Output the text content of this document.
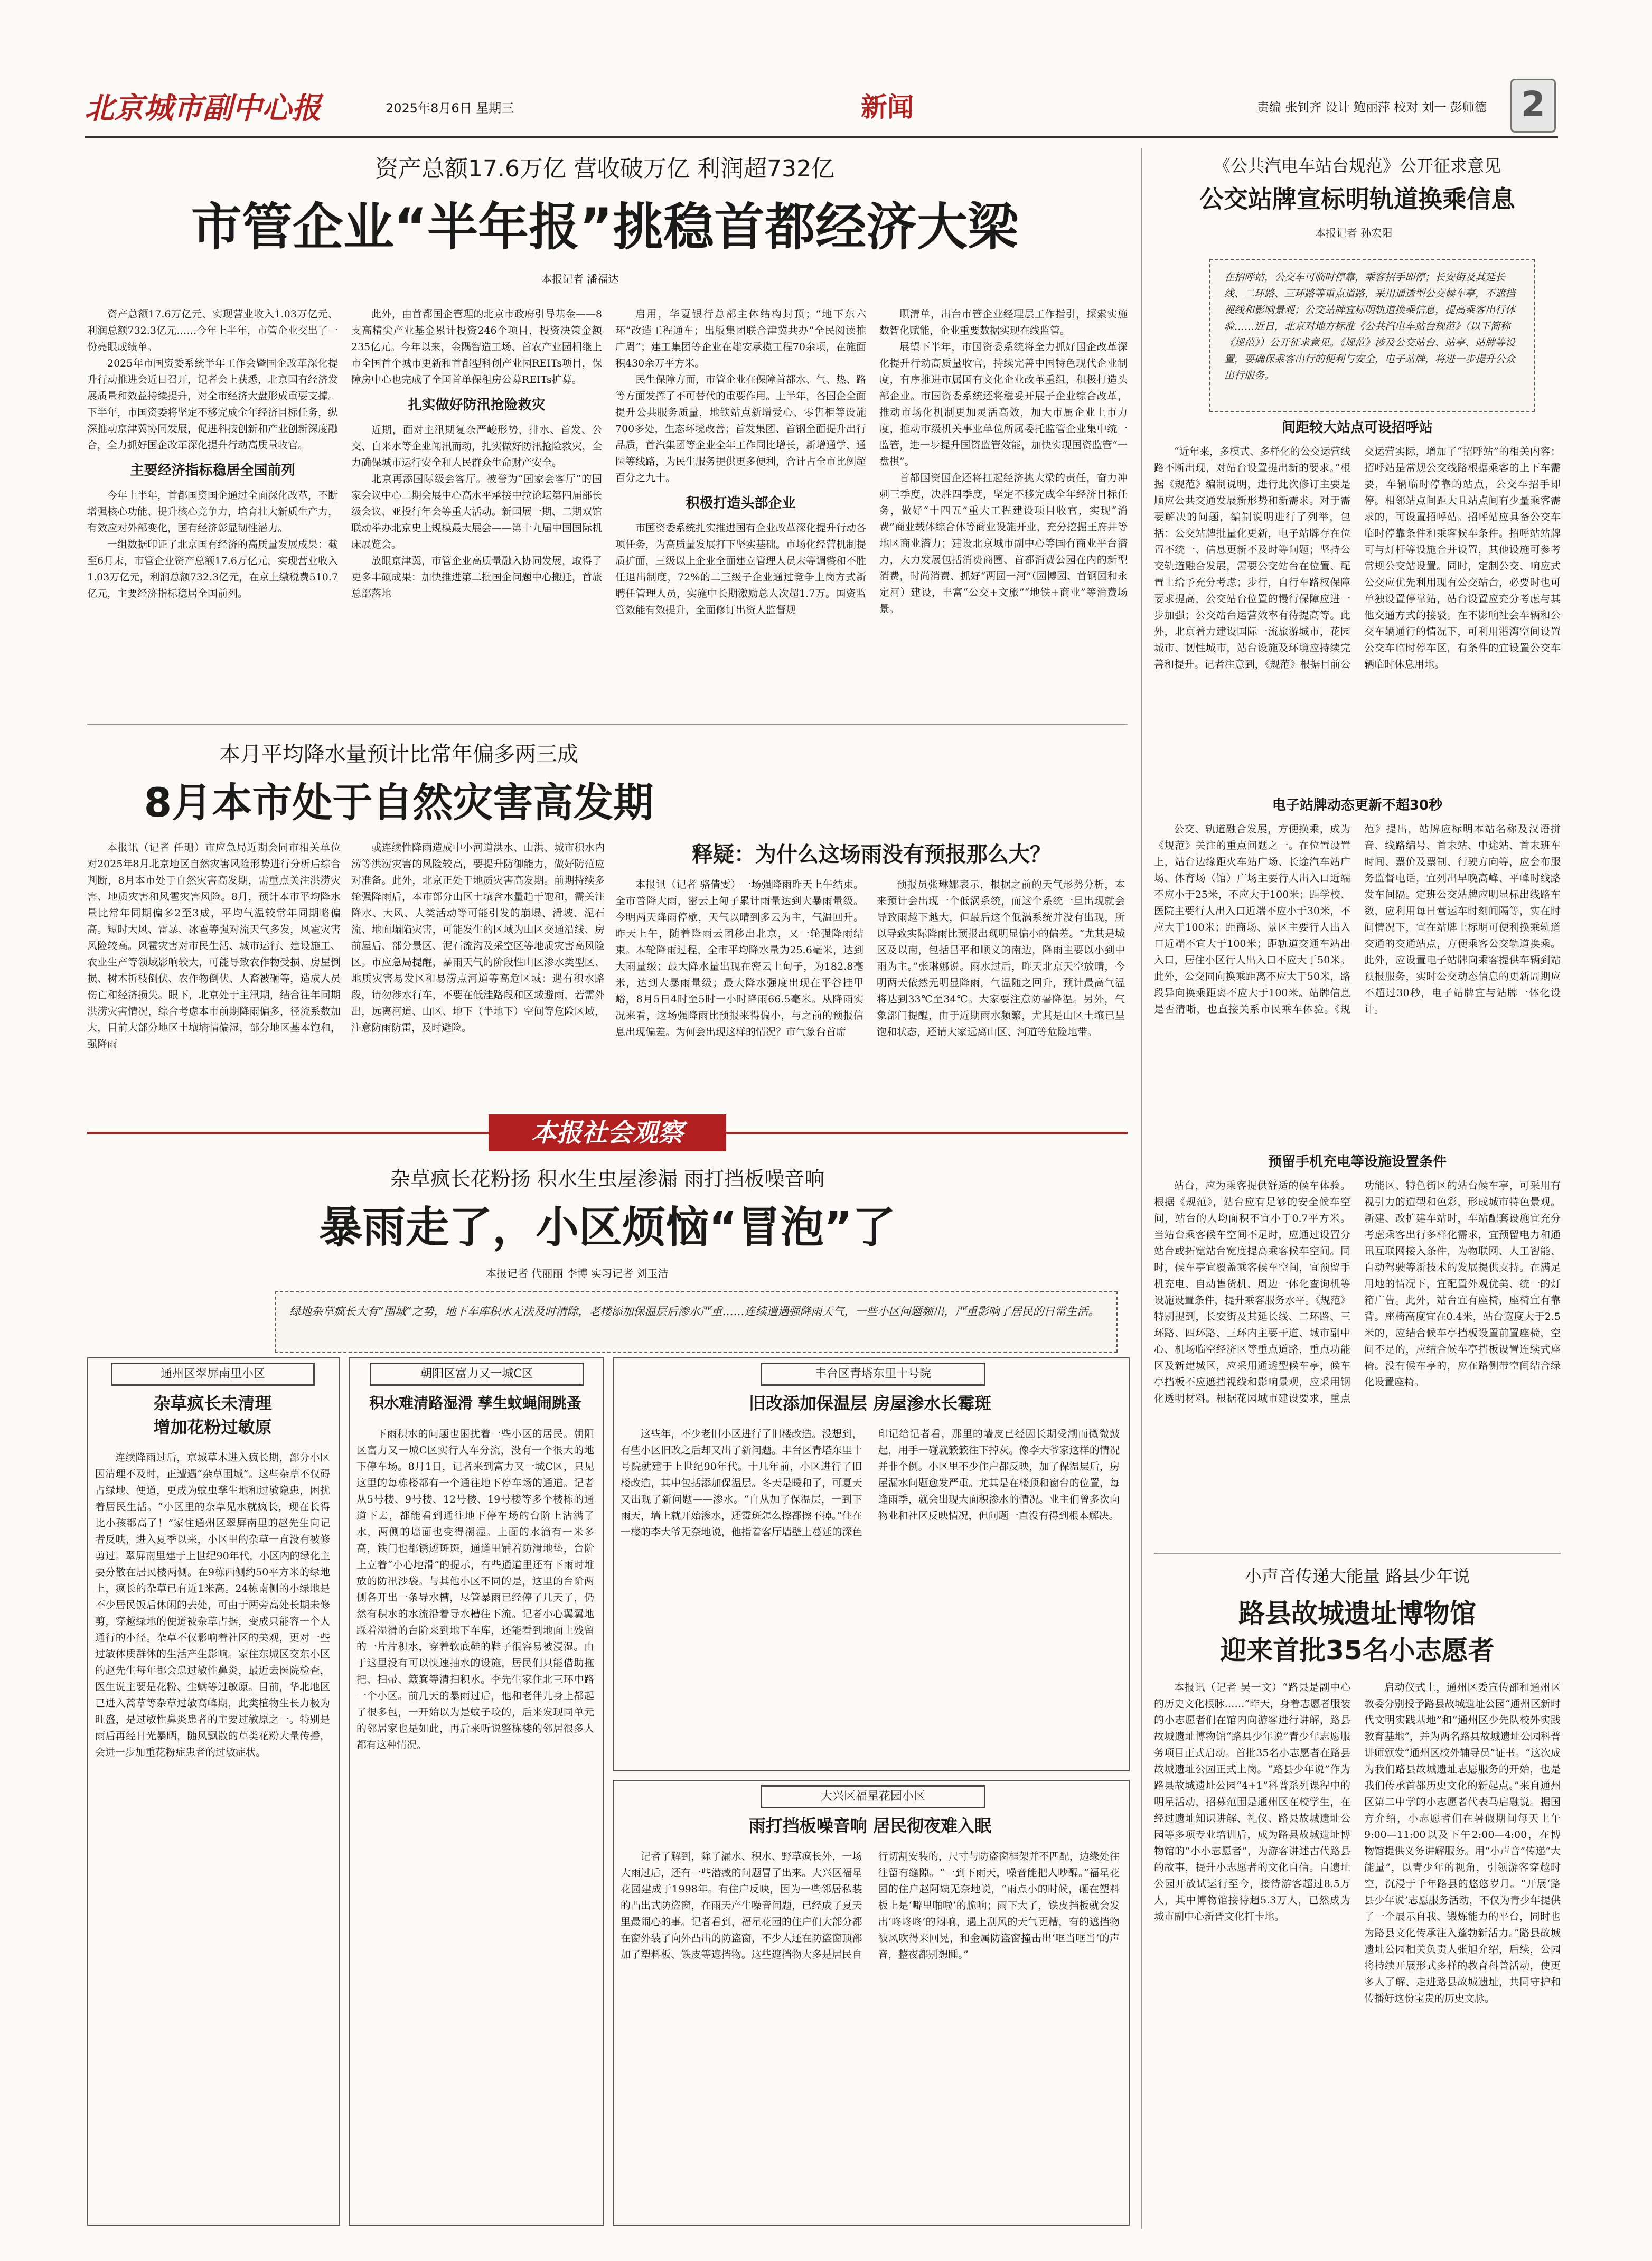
北京城市副中心报	2025年8月6日 星期三	新闻	责编 张钊齐 设计 鲍丽萍 校对 刘一 彭师德 2
资产总额17.6万亿 营收破万亿 利润超732亿
市管企业“半年报”挑稳首都经济大梁
本报记者 潘福达

资产总额17.6万亿元、实现营业收入1.03万亿元、利润总额732.3亿元……今年上半年，市管企业交出了一份亮眼成绩单。

2025年市国资委系统半年工作会暨国企改革深化提升行动推进会近日召开，记者会上获悉，北京国有经济发展质量和效益持续提升，对全市经济大盘形成重要支撑。下半年，市国资委将坚定不移完成全年经济目标任务，纵深推动京津冀协同发展，促进科技创新和产业创新深度融合，全力抓好国企改革深化提升行动高质量收官。

主要经济指标稳居全国前列

今年上半年，首都国资国企通过全面深化改革，不断增强核心功能、提升核心竞争力，培育壮大新质生产力，有效应对外部变化，国有经济彰显韧性潜力。

一组数据印证了北京国有经济的高质量发展成果：截至6月末，市管企业资产总额17.6万亿元，实现营业收入1.03万亿元，利润总额732.3亿元，在京上缴税费510.7亿元，主要经济指标稳居全国前列。

此外，由首都国企管理的北京市政府引导基金——8支高精尖产业基金累计投资246个项目，投资决策金额235亿元。今年以来，金隅智造工场、首农产业园相继上市全国首个城市更新和首都型科创产业园REITs项目，保障房中心也完成了全国首单保租房公募REITs扩募。

扎实做好防汛抢险救灾

近期，面对主汛期复杂严峻形势，排水、首发、公交、自来水等企业闻汛而动，扎实做好防汛抢险救灾，全力确保城市运行安全和人民群众生命财产安全。

北京再添国际级会客厅。被誉为“国家会客厅”的国家会议中心二期会展中心高水平承接中拉论坛第四届部长级会议、亚投行年会等重大活动。新国展一期、二期双馆联动举办北京史上规模最大展会——第十九届中国国际机床展览会。

放眼京津冀，市管企业高质量融入协同发展，取得了更多丰硕成果：加快推进第二批国企问题中心搬迁，首旅总部落地

启用，华夏银行总部主体结构封顶；“地下东六环”改造工程通车；出版集团联合津冀共办“全民阅读推广周”；建工集团等企业在雄安承揽工程70余项，在施面积430余万平方米。

民生保障方面，市管企业在保障首都水、气、热、路等方面发挥了不可替代的重要作用。上半年，各国企全面提升公共服务质量，地铁站点新增爱心、零售柜等设施700多处，生态环境改善；首发集团、首钢全面提升出行品质，首汽集团等企业全年工作同比增长，新增通学、通医等线路，为民生服务提供更多便利，合计占全市比例超百分之九十。

积极打造头部企业

市国资委系统扎实推进国有企业改革深化提升行动各项任务，为高质量发展打下坚实基础。市场化经营机制提质扩面，三级以上企业全面建立管理人员末等调整和不胜任退出制度，72%的二三级子企业通过竞争上岗方式新聘任管理人员，实施中长期激励总人次超1.7万。国资监管效能有效提升，全面修订出资人监督规

职清单，出台市管企业经理层工作指引，探索实施数智化赋能，企业重要数据实现在线监管。

展望下半年，市国资委系统将全力抓好国企改革深化提升行动高质量收官，持续完善中国特色现代企业制度，有序推进市属国有文化企业改革重组，积极打造头部企业。市国资委系统还将稳妥开展子企业综合改革，推动市场化机制更加灵活高效，加大市属企业上市力度，推动市级机关事业单位所属委托监管企业集中统一监管，进一步提升国资监管效能，加快实现国资监管“一盘棋”。

首都国资国企还将扛起经济挑大梁的责任，奋力冲刺三季度，决胜四季度，坚定不移完成全年经济目标任务，做好“十四五”重大工程建设项目收官，实现“消费”商业载体综合体等商业设施开业，充分挖掘王府井等地区商业潜力；建设北京城市副中心等国有商业平台潜力，大力发展包括消费商圈、首都消费公园在内的新型消费，时尚消费、抓好“两园一河”（园博园、首钢园和永定河）建设，丰富“公交+文旅”“地铁+商业”等消费场景。

本月平均降水量预计比常年偏多两三成
8月本市处于自然灾害高发期

本报讯（记者 任珊）市应急局近期会同市相关单位对2025年8月北京地区自然灾害风险形势进行分析后综合判断，8月本市处于自然灾害高发期，需重点关注洪涝灾害、地质灾害和风雹灾害风险。8月，预计本市平均降水量比常年同期偏多2至3成，平均气温较常年同期略偏高。短时大风、雷暴、冰雹等强对流天气多发，风雹灾害风险较高。风雹灾害对市民生活、城市运行、建设施工、农业生产等领域影响较大，可能导致农作物受损、房屋倒损、树木折枝倒伏、农作物倒伏、人畜被砸等，造成人员伤亡和经济损失。眼下，北京处于主汛期，结合往年同期洪涝灾害情况，综合考虑本市前期降雨偏多，径流系数加大，目前大部分地区土壤墒情偏湿，部分地区基本饱和，强降雨

或连续性降雨造成中小河道洪水、山洪、城市积水内涝等洪涝灾害的风险较高，要提升防御能力，做好防范应对准备。此外，北京正处于地质灾害高发期。前期持续多轮强降雨后，本市部分山区土壤含水量趋于饱和，需关注降水、大风、人类活动等可能引发的崩塌、滑坡、泥石流、地面塌陷灾害，可能发生的区域为山区交通沿线、房前屋后、部分景区、泥石流沟及采空区等地质灾害高风险区。市应急局提醒，暴雨天气的阶段性山区渗水类型区、地质灾害易发区和易涝点河道等高危区域：遇有积水路段，请勿涉水行车，不要在低洼路段和区域避雨，若需外出，远离河道、山区、地下（半地下）空间等危险区域，注意防雨防雷，及时避险。

释疑：为什么这场雨没有预报那么大？

本报讯（记者 骆倩雯）一场强降雨昨天上午结束。全市普降大雨，密云上甸子累计雨量达到大暴雨量级。今明两天降雨停歇，天气以晴到多云为主，气温回升。昨天上午，随着降雨云团移出北京，又一轮强降雨结束。本轮降雨过程，全市平均降水量为25.6毫米，达到大雨量级；最大降水量出现在密云上甸子，为182.8毫米，达到大暴雨量级；最大降水强度出现在平谷挂甲峪，8月5日4时至5时一小时降雨66.5毫米。从降雨实况来看，这场强降雨比预报来得偏小，与之前的预报信息出现偏差。为何会出现这样的情况？市气象台首席

预报员张琳娜表示，根据之前的天气形势分析，本来预计会出现一个低涡系统，而这个系统一旦出现就会导致雨越下越大，但最后这个低涡系统并没有出现，所以导致实际降雨比预报出现明显偏小的偏差。“尤其是城区及以南，包括昌平和顺义的南边，降雨主要以小到中雨为主。”张琳娜说。雨水过后，昨天北京天空放晴，今明两天依然无明显降雨，气温随之回升，预计最高气温将达到33℃至34℃。大家要注意防暑降温。另外，气象部门提醒，由于近期雨水频繁，尤其是山区土壤已呈饱和状态，还请大家远离山区、河道等危险地带。

本报社会观察
杂草疯长花粉扬 积水生虫屋渗漏 雨打挡板噪音响
暴雨走了，小区烦恼“冒泡”了
本报记者 代丽丽 李博 实习记者 刘玉洁
绿地杂草疯长大有“围城”之势，地下车库积水无法及时清除，老楼添加保温层后渗水严重……连续遭遇强降雨天气，一些小区问题频出，严重影响了居民的日常生活。
通州区翠屏南里小区
杂草疯长未清理
增加花粉过敏原

连续降雨过后，京城草木进入疯长期，部分小区因清理不及时，正遭遇“杂草围城”。这些杂草不仅碍占绿地、便道，更成为蚊虫孳生地和过敏隐患，困扰着居民生活。“小区里的杂草见水就疯长，现在长得比小孩都高了！”家住通州区翠屏南里的赵先生向记者反映，进入夏季以来，小区里的杂草一直没有被修剪过。翠屏南里建于上世纪90年代，小区内的绿化主要分散在居民楼两侧。在9栋西侧约50平方米的绿地上，疯长的杂草已有近1米高。24栋南侧的小绿地是不少居民饭后休闲的去处，可由于两旁高处长期未修剪，穿越绿地的便道被杂草占据，变成只能容一个人通行的小径。杂草不仅影响着社区的美观，更对一些过敏体质群体的生活产生影响。家住东城区交东小区的赵先生每年都会患过敏性鼻炎，最近去医院检查，医生说主要是花粉、尘螨等过敏原。目前，华北地区已进入蒿草等杂草过敏高峰期，此类植物生长力极为旺盛，是过敏性鼻炎患者的主要过敏原之一。特别是雨后再经日光暴晒，随风飘散的草类花粉大量传播，会进一步加重花粉症患者的过敏症状。

朝阳区富力又一城C区
积水难清路湿滑 孳生蚊蝇闹跳蚤

下雨积水的问题也困扰着一些小区的居民。朝阳区富力又一城C区实行人车分流，没有一个很大的地下停车场。8月1日，记者来到富力又一城C区，只见这里的每栋楼都有一个通往地下停车场的通道。记者从5号楼、9号楼、12号楼、19号楼等多个楼栋的通道下去，都能看到通往地下停车场的台阶上沾满了水，两侧的墙面也变得潮湿。上面的水滴有一米多高，铁门也都锈迹斑斑，通道里铺着防滑地垫，台阶上立着“小心地滑”的提示，有些通道里还有下雨时堆放的防汛沙袋。与其他小区不同的是，这里的台阶两侧各开出一条导水槽，尽管暴雨已经停了几天了，仍然有积水的水流沿着导水槽往下流。记者小心翼翼地踩着湿滑的台阶来到地下车库，还能看到地面上残留的一片片积水，穿着软底鞋的鞋子很容易被浸湿。由于这里没有可以快速抽水的设施，居民们只能借助拖把、扫帚、簸箕等清扫积水。李先生家住北三环中路一个小区。前几天的暴雨过后，他和老伴儿身上都起了很多包，一开始以为是蚊子咬的，后来发现同单元的邻居家也是如此，再后来听说整栋楼的邻居很多人都有这种情况。

丰台区青塔东里十号院
旧改添加保温层 房屋渗水长霉斑

这些年，不少老旧小区进行了旧楼改造。没想到，有些小区旧改之后却又出了新问题。丰台区青塔东里十号院就建于上世纪90年代。十几年前，小区进行了旧楼改造，其中包括添加保温层。冬天是暖和了，可夏天又出现了新问题——渗水。“自从加了保温层，一到下雨天，墙上就开始渗水，还霉斑怎么擦都擦不掉。”住在一楼的李大爷无奈地说，他指着客厅墙壁上蔓延的深色印记给记者看，那里的墙皮已经因长期受潮而微微鼓起，用手一碰就簌簌往下掉灰。像李大爷家这样的情况并非个例。小区里不少住户都反映，加了保温层后，房屋漏水问题愈发严重。尤其是在楼顶和窗台的位置，每逢雨季，就会出现大面积渗水的情况。业主们曾多次向物业和社区反映情况，但问题一直没有得到根本解决。

大兴区福星花园小区
雨打挡板噪音响 居民彻夜难入眠

记者了解到，除了漏水、积水、野草疯长外，一场大雨过后，还有一些潜藏的问题冒了出来。大兴区福星花园建成于1998年。有住户反映，因为一些邻居私装的凸出式防盗窗，在雨天产生噪音问题，已经成了夏天里最闹心的事。记者看到，福星花园的住户们大部分都在窗外装了向外凸出的防盗窗，不少人还在防盗窗顶部加了塑料板、铁皮等遮挡物。这些遮挡物大多是居民自行切割安装的，尺寸与防盗窗框架并不匹配，边缘处往往留有缝隙。“一到下雨天，噪音能把人吵醒。”福星花园的住户赵阿姨无奈地说，“雨点小的时候，砸在塑料板上是‘噼里啪啦’的脆响；雨下大了，铁皮挡板就会发出‘咚咚咚’的闷响，遇上刮风的天气更糟，有的遮挡物被风吹得来回晃，和金属防盗窗撞击出‘哐当哐当’的声音，整夜都别想睡。”

《公共汽电车站台规范》公开征求意见
公交站牌宣标明轨道换乘信息
本报记者 孙宏阳
在招呼站，公交车可临时停靠，乘客招手即停；长安街及其延长线、二环路、三环路等重点道路，采用通透型公交候车亭，不遮挡视线和影响景观；公交站牌宜标明轨道换乘信息，提高乘客出行体验……近日，北京对地方标准《公共汽电车站台规范》（以下简称《规范》）公开征求意见。《规范》涉及公交站台、站亭、站牌等设置，要确保乘客出行的便利与安全，电子站牌，将进一步提升公众出行服务。
间距较大站点可设招呼站

“近年来，多模式、多样化的公交运营线路不断出现，对站台设置提出新的要求。”根据《规范》编制说明，进行此次修订主要是顺应公共交通发展新形势和新需求。对于需要解决的问题，编制说明进行了列举，包括：公交站牌批量化更新，电子站牌存在位置不统一、信息更新不及时等问题；坚持公交轨道融合发展，需要公交站台在位置、配置上给予充分考虑；步行，自行车路权保障要求提高，公交站台位置的慢行保障应进一步加强；公交站台运营效率有待提高等。此外，北京着力建设国际一流旅游城市，花园城市、韧性城市，站台设施及环境应持续完善和提升。记者注意到，《规范》根据目前公交运营实际，增加了“招呼站”的相关内容：招呼站是常规公交线路根据乘客的上下车需要，车辆临时停靠的站点，公交车招手即停。相邻站点间距大且站点间有少量乘客需求的，可设置招呼站。招呼站应具备公交车临时停靠条件和乘客候车条件。招呼站站牌可与灯杆等设施合并设置，其他设施可参考常规公交站设置。同时，定制公交、响应式公交应优先利用现有公交站台，必要时也可单独设置停靠站，站台设置应充分考虑与其他交通方式的接驳。在不影响社会车辆和公交车辆通行的情况下，可利用港湾空间设置公交车临时停车区，有条件的宜设置公交车辆临时休息用地。

电子站牌动态更新不超30秒

公交、轨道融合发展，方便换乘，成为《规范》关注的重点问题之一。在位置设置上，站台边缘距火车站广场、长途汽车站广场、体育场（馆）广场主要行人出入口近端不应小于25米，不应大于100米；距学校、医院主要行人出入口近端不应小于30米，不应大于100米；距商场、景区主要行人出入口近端不宜大于100米；距轨道交通车站出入口，居住小区行人出入口不应大于50米。此外，公交同向换乘距离不应大于50米，路段异向换乘距离不应大于100米。站牌信息是否清晰，也直接关系市民乘车体验。《规范》提出，站牌应标明本站名称及汉语拼音、线路编号、首末站、中途站、首末班车时间、票价及票制、行驶方向等，应会布服务监督电话，宜列出早晚高峰、平峰时线路发车间隔。定班公交站牌应明显标出线路车数，应利用每日营运车时刻间隔等，实在时间情况下，宜在站牌上标明可便利换乘轨道交通的交通站点，方便乘客公交轨道换乘。此外，应设置电子站牌向乘客提供车辆到站预报服务，实时公交动态信息的更新周期应不超过30秒，电子站牌宜与站牌一体化设计。

预留手机充电等设施设置条件

站台，应为乘客提供舒适的候车体验。根据《规范》，站台应有足够的安全候车空间，站台的人均面积不宜小于0.7平方米。当站台乘客候车空间不足时，应通过设置分站台或拓宽站台宽度提高乘客候车空间。同时，候车亭宜覆盖乘客候车空间，宜预留手机充电、自动售货机、周边一体化查询机等设施设置条件，提升乘客服务水平。《规范》特别提到，长安街及其延长线、二环路、三环路、四环路、三环内主要干道、城市副中心、机场临空经济区等重点道路，重点功能区及新建城区，应采用通透型候车亭，候车亭挡板不应遮挡视线和影响景观，应采用钢化透明材料。根据花园城市建设要求，重点功能区、特色街区的站台候车亭，可采用有视引力的造型和色彩，形成城市特色景观。新建、改扩建车站时，车站配套设施宜充分考虑乘客出行多样化需求，宜预留电力和通讯互联网接入条件，为物联网、人工智能、自动驾驶等新技术的发展提供支持。在满足用地的情况下，宜配置外观优美、统一的灯箱广告。此外，站台宜有座椅，座椅宜有靠背。座椅高度宜在0.4米，站台宽度大于2.5米的，应结合候车亭挡板设置前置座椅，空间不足的，应结合候车亭挡板设置连续式座椅。没有候车亭的，应在路侧带空间结合绿化设置座椅。

小声音传递大能量 路县少年说
路县故城遗址博物馆
迎来首批35名小志愿者

本报讯（记者 吴一文）“路县是副中心的历史文化根脉……”昨天，身着志愿者服装的小志愿者们在馆内向游客进行讲解，路县故城遗址博物馆“路县少年说”青少年志愿服务项目正式启动。首批35名小志愿者在路县故城遗址公园正式上岗。“路县少年说”作为路县故城遗址公园“4+1”科普系列课程中的明星活动，招募范围是通州区在校学生，在经过遗址知识讲解、礼仪、路县故城遗址公园等多项专业培训后，成为路县故城遗址博物馆的“小小志愿者”，为游客讲述古代路县的故事，提升小志愿者的文化自信。自遗址公园开放试运行至今，接待游客超过8.5万人，其中博物馆接待超5.3万人，已然成为城市副中心新晋文化打卡地。

启动仪式上，通州区委宣传部和通州区教委分别授予路县故城遗址公园“通州区新时代文明实践基地”和“通州区少先队校外实践教育基地”，并为两名路县故城遗址公园科普讲师颁发“通州区校外辅导员”证书。“这次成为我们路县故城遗址志愿服务的开始，也是我们传承首都历史文化的新起点。”来自通州区第二中学的小志愿者代表马启融说。据国方介绍，小志愿者们在暑假期间每天上午9:00—11:00以及下午2:00—4:00，在博物馆提供义务讲解服务。用“小声音”传递“大能量”，以青少年的视角，引领游客穿越时空，沉浸于千年路县的悠悠岁月。“开展‘路县少年说’志愿服务活动，不仅为青少年提供了一个展示自我、锻炼能力的平台，同时也为路县文化传承注入蓬勃新活力。”路县故城遗址公园相关负责人张旭介绍，后续，公园将持续开展形式多样的教育科普活动，使更多人了解、走进路县故城遗址，共同守护和传播好这份宝贵的历史文脉。
